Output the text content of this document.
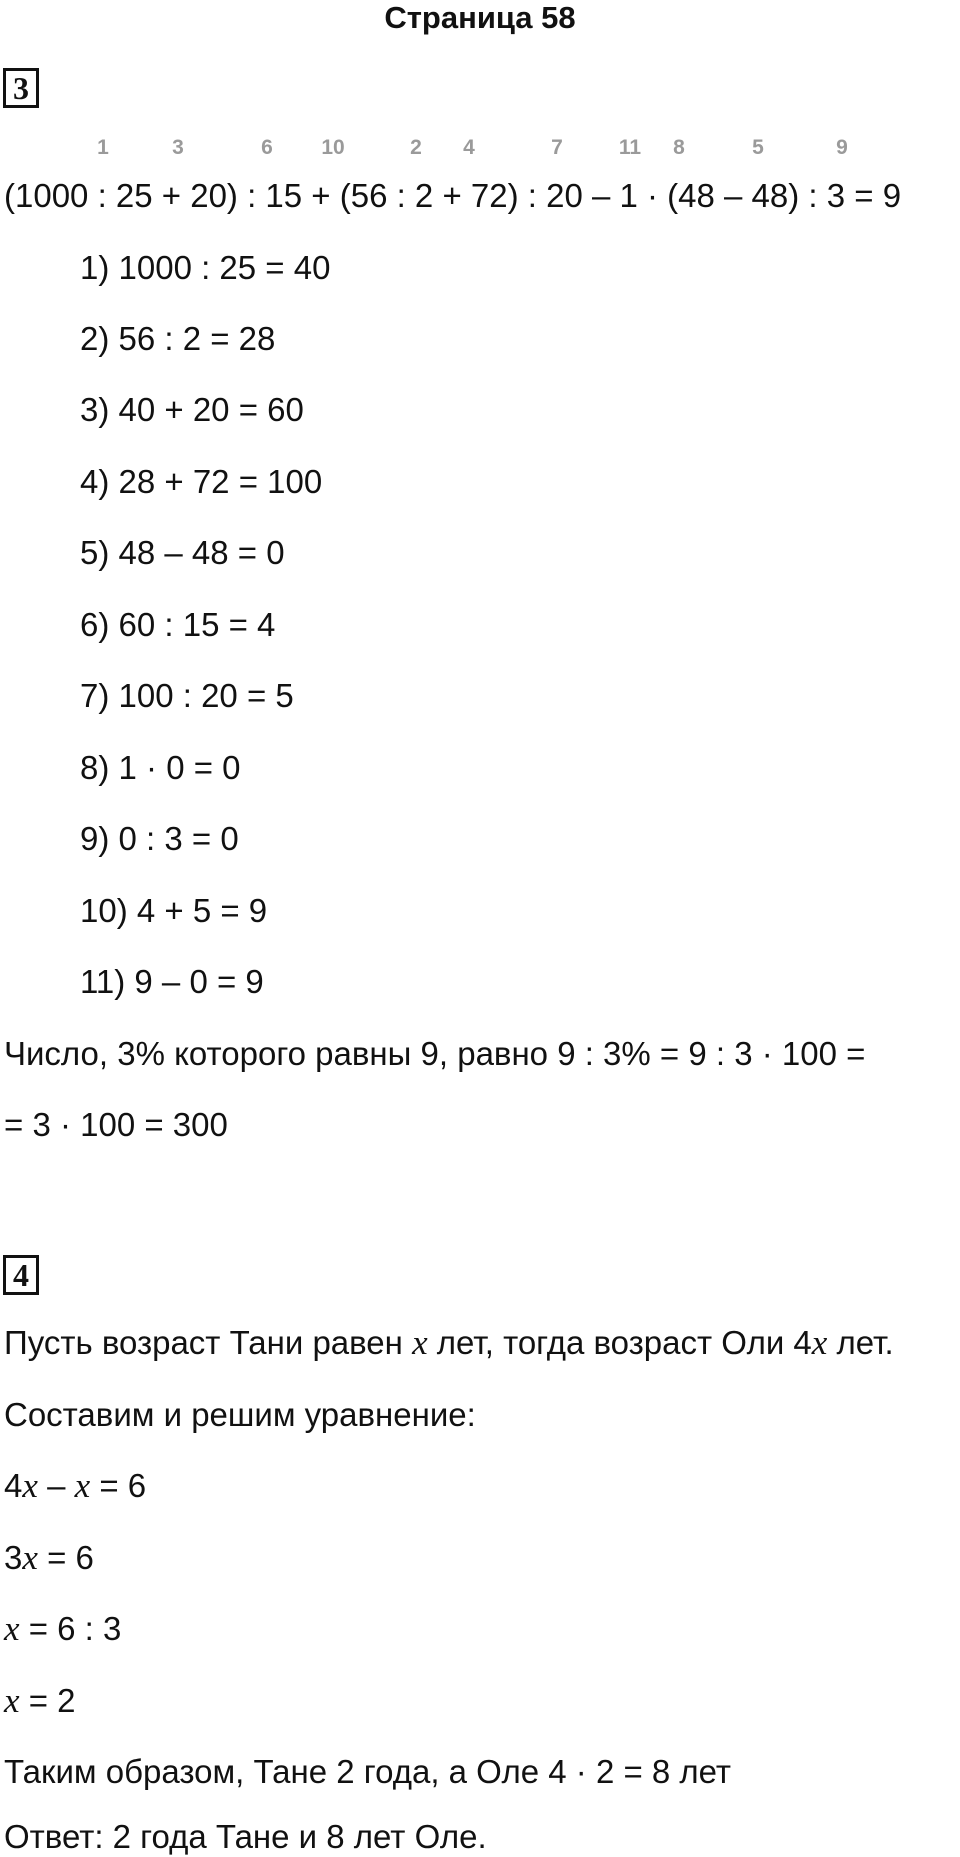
Страница 58
3
1	3	6 10	2 4	7	11 8	5	9
(1000 : 25 + 20) : 15 + (56 : 2 + 72) : 20 – 1 · (48 – 48) : 3 = 9
1) 1000 : 25 = 40
2) 56 : 2 = 28
3) 40 + 20 = 60
4) 28 + 72 = 100
5) 48 – 48 = 0
6) 60 : 15 = 4
7) 100 : 20 = 5
8) 1 · 0 = 0
9) 0 : 3 = 0
10) 4 + 5 = 9
11) 9 – 0 = 9
Число, 3% которого равны 9, равно 9 : 3% = 9 : 3 · 100 =
= 3 · 100 = 300
4
Пусть возраст Тани равен x лет, тогда возраст Оли 4x лет.
Составим и решим уравнение:
4x – x = 6
3x = 6
x = 6 : 3
x = 2
Таким образом, Тане 2 года, а Оле 4 · 2 = 8 лет
Ответ: 2 года Тане и 8 лет Оле.
